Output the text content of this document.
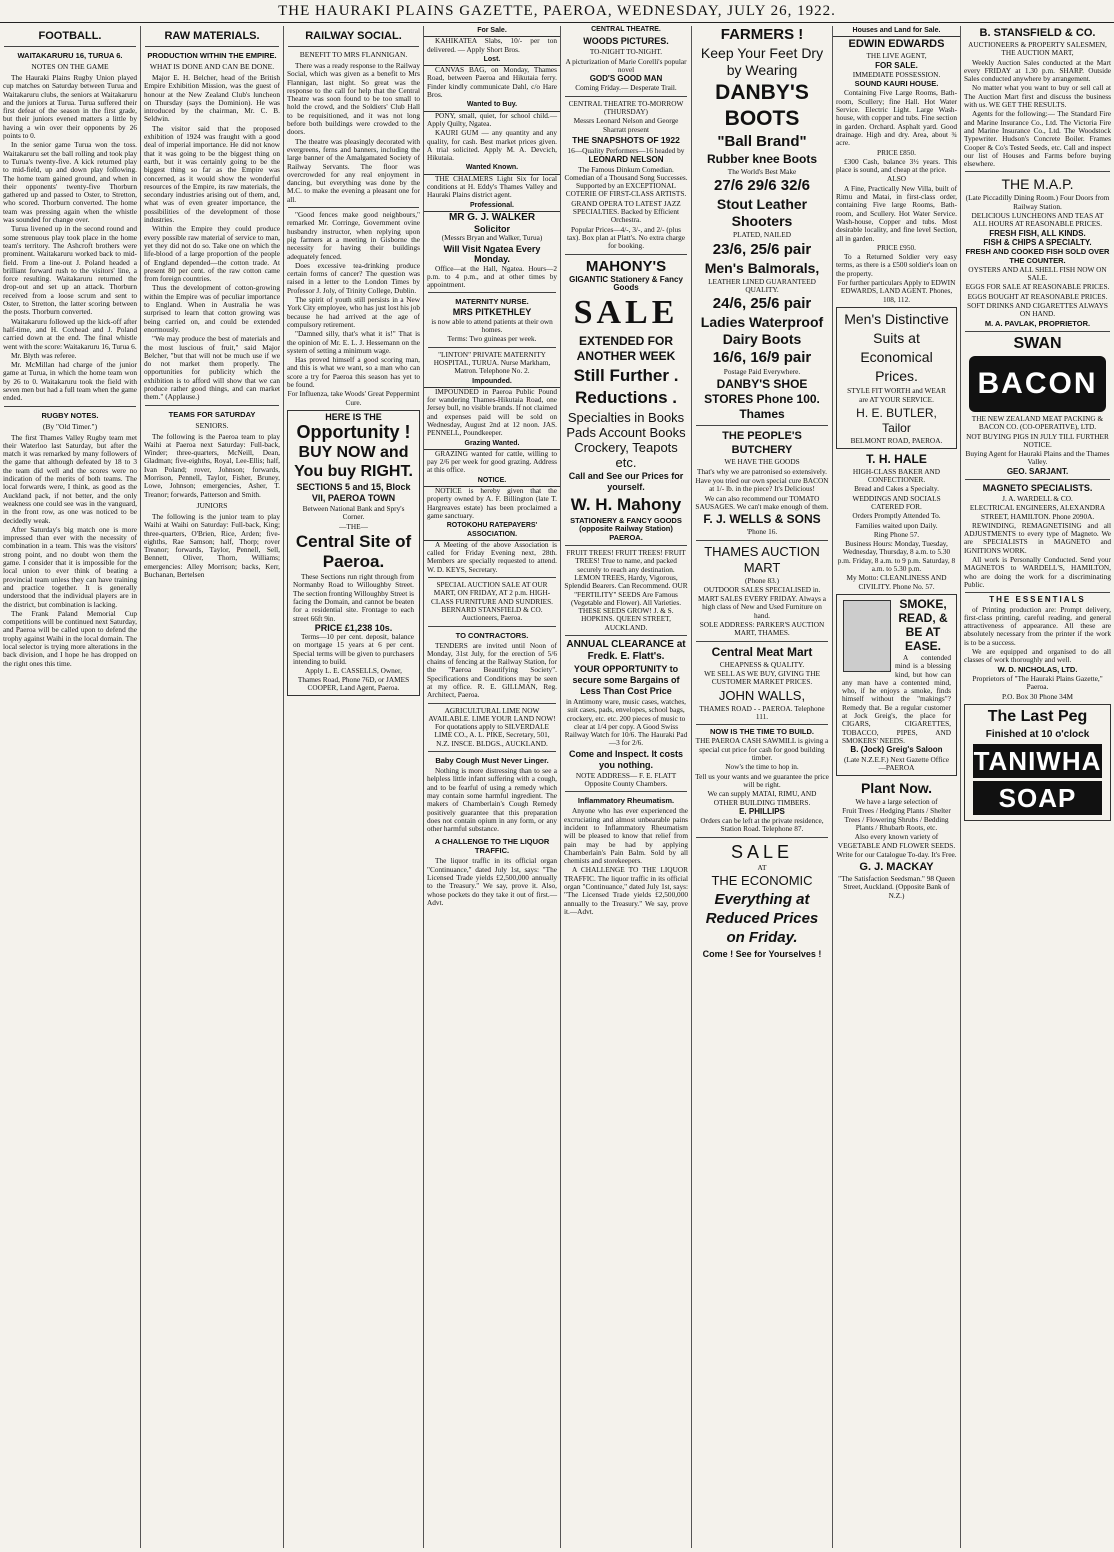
THE HAURAKI PLAINS GAZETTE, PAEROA, WEDNESDAY, JULY 26, 1922.
FOOTBALL.
WAITAKARURU 16, TURUA 6.
NOTES ON THE GAME

The Hauraki Plains Rugby Union played cup matches on Saturday between Turua and Waitakaruru clubs, the seniors at Waitakaruru and the juniors at Turua. Turua suffered their first defeat of the season in the first grade, but their juniors evened matters a little by having a win over their opponents by 26 points to 0.

In the senior game Turua won the toss. Waitakaruru set the ball rolling and took play to Turua's twenty-five. A kick returned play to mid-field, up and down play following. The home team gained ground, and when in their opponents' twenty-five Thorburn gathered up and passed to Oster, to Stretton, who scored. Thorburn converted. The home team was pressing again when the whistle was sounded for change over.

Turua livened up in the second round and some strenuous play took place in the home team's territory. The Ashcroft brothers were prominent. Waitakaruru worked back to mid-field. From a line-out J. Poland headed a brilliant forward rush to the visitors' line, a force resulting. Waitakaruru returned the drop-out and set up an attack. Thorburn received from a loose scrum and sent to Oster, to Stretton, the latter scoring between the posts. Thorburn converted.

Waitakaruru followed up the kick-off after half-time, and H. Coxhead and J. Poland carried down at the end. The final whistle went with the score: Waitakaruru 16, Turua 6.

Mr. Blyth was referee.

Mr. McMillan had charge of the junior game at Turua, in which the home team won by 26 to 0. Waitakaruru took the field with seven men but had a full team when the game ended.

RUGBY NOTES.
(By "Old Timer.")

The first Thames Valley Rugby team met their Waterloo last Saturday, but after the match it was remarked by many followers of the game that although defeated by 18 to 3 the team did well and the scores were no indication of the merits of both teams. The local forwards were, I think, as good as the Auckland pack, if not better, and the only weakness one could see was in the vanguard, in the front row, as one was noticed to be decidedly weak.

After Saturday's big match one is more impressed than ever with the necessity of combination in a team. This was the visitors' strong point, and no doubt won them the game. I consider that it is impossible for the local union to ever think of beating a provincial team unless they can have training and practice together. It is generally understood that the individual players are in the district, but combination is lacking.

The Frank Paland Memorial Cup competitions will be continued next Saturday, and Paeroa will be called upon to defend the trophy against Waihi in the local domain. The local selector is trying more alterations in the back division, and I hope he has dropped on the right ones this time.

RAW MATERIALS.
PRODUCTION WITHIN THE EMPIRE.
WHAT IS DONE AND CAN BE DONE.

Major E. H. Belcher, head of the British Empire Exhibition Mission, was the guest of honour at the New Zealand Club's luncheon on Thursday (says the Dominion). He was introduced by the chairman, Mr. C. B. Seldwin.

The visitor said that the proposed exhibition of 1924 was fraught with a good deal of imperial importance. He did not know that it was going to be the biggest thing on earth, but it was certainly going to be the biggest thing so far as the Empire was concerned, as it would show the wonderful resources of the Empire, its raw materials, the secondary industries arising out of them, and, what was of even greater importance, the possibilities of the development of those industries.

Within the Empire they could produce every possible raw material of service to man, yet they did not do so. Take one on which the life-blood of a large proportion of the people of England depended—the cotton trade. At present 80 per cent. of the raw cotton came from foreign countries.

Thus the development of cotton-growing within the Empire was of peculiar importance to England. When in Australia he was surprised to learn that cotton growing was being carried on, and could be extended enormously.

"We may produce the best of materials and the most luscious of fruit," said Major Belcher, "but that will not be much use if we do not market them properly. The opportunities for publicity which the exhibition is to afford will show that we can produce rather good things, and can market them." (Applause.)

TEAMS FOR SATURDAY
SENIORS.

The following is the Paeroa team to play Waihi at Paeroa next Saturday: Full-back, Winder; three-quarters, McNeill, Dean, Gladman; five-eighths, Royal, Lee-Ellis; half, Ivan Poland; rover, Johnson; forwards, Morrison, Pennell, Taylor, Fisher, Bruney, Lowe, Johnson; emergencies, Asher, T. Treanor; forwards, Patterson and Smith.

JUNIORS

The following is the junior team to play Waihi at Waihi on Saturday: Full-back, King; three-quarters, O'Brien, Rice, Arden; five-eighths, Rae Samson; half, Thorp; rover Treanor; forwards, Taylor, Pennell, Sell, Bennett, Oliver, Thorn, Williams; emergencies: Alley Morrison; backs, Kerr, Buchanan, Bertelsen

RAILWAY SOCIAL.
BENEFIT TO MRS FLANNIGAN.

There was a ready response to the Railway Social, which was given as a benefit to Mrs Flannigan, last night. So great was the response to the call for help that the Central Theatre was soon found to be too small to hold the crowd, and the Soldiers' Club Hall to be requisitioned, and it was not long before both buildings were crowded to the doors.

The theatre was pleasingly decorated with evergreens, ferns and banners, including the large banner of the Amalgamated Society of Railway Servants. The floor was overcrowded for any real enjoyment in dancing, but everything was done by the M.C. to make the evening a pleasant one for all.

"Good fences make good neighbours," remarked Mr. Corringe, Government ovine husbandry instructor, when replying upon pig farmers at a meeting in Gisborne the necessity for having their buildings adequately fenced.

Does excessive tea-drinking produce certain forms of cancer? The question was raised in a letter to the London Times by Professor J. Joly, of Trinity College, Dublin.

The spirit of youth still persists in a New York City employee, who has just lost his job because he had arrived at the age of compulsory retirement.

"Damned silly, that's what it is!" That is the opinion of Mr. E. L. J. Hessemann on the system of setting a minimum wage.

Has proved himself a good scoring man, and this is what we want, so a man who can score a try for Paeroa this season has yet to be found.

For Influenza, take Woods' Great Peppermint Cure.

HERE IS THE

Opportunity !

BUY NOW and You buy RIGHT.

SECTIONS 5 and 15, Block VII, PAEROA TOWN

Between National Bank and Spry's Corner.

—THE—

Central Site of Paeroa.

These Sections run right through from Normanby Road to Willoughby Street. The section fronting Willoughby Street is facing the Domain, and cannot be beaten for a residential site. Frontage to each street 66ft 9in.

PRICE £1,238 10s.

Terms—10 per cent. deposit, balance on mortgage 15 years at 6 per cent. Special terms will be given to purchasers intending to build.

Apply L. E. CASSELLS, Owner, Thames Road, Phone 76D, or JAMES COOPER, Land Agent, Paeroa.

For Sale.

KAHIKATEA Slabs, 10/- per ton delivered. — Apply Short Bros.

Lost.

CANVAS BAG, on Monday, Thames Road, between Paeroa and Hikutaia ferry. Finder kindly communicate Dahl, c/o Hare Bros.

Wanted to Buy.

PONY, small, quiet, for school child.—Apply Quilty, Ngatea.

KAURI GUM — any quantity and any quality, for cash. Best market prices given. A trial solicited. Apply M. A. Devcich, Hikutaia.

Wanted Known.

THE CHALMERS Light Six for local conditions at H. Eddy's Thames Valley and Hauraki Plains district agent.

Professional.

MR G. J. WALKER

Solicitor

(Messrs Bryan and Walker, Turua)

Will Visit Ngatea Every Monday.

Office—at the Hall, Ngatea. Hours—2 p.m. to 4 p.m., and at other times by appointment.

MATERNITY NURSE.

MRS PITKETHLEY

is now able to attend patients at their own homes.

Terms: Two guineas per week.

"LINTON" PRIVATE MATERNITY HOSPITAL, TURUA. Nurse Markham, Matron. Telephone No. 2.

Impounded.

IMPOUNDED in Paeroa Public Pound for wandering Thames-Hikutaia Road, one Jersey bull, no visible brands. If not claimed and expenses paid will be sold on Wednesday, August 2nd at 12 noon. JAS. PENNELL, Poundkeeper.

Grazing Wanted.

GRAZING wanted for cattle, willing to pay 2/6 per week for good grazing. Address at this office.

NOTICE.

NOTICE is hereby given that the property owned by A. F. Billington (late T. Hargreaves estate) has been proclaimed a game sanctuary.

ROTOKOHU RATEPAYERS' ASSOCIATION.

A Meeting of the above Association is called for Friday Evening next, 28th. Members are specially requested to attend. W. D. KEYS, Secretary.

SPECIAL AUCTION SALE AT OUR MART, ON FRIDAY, AT 2 p.m. HIGH-CLASS FURNITURE AND SUNDRIES. BERNARD STANSFIELD & CO. Auctioneers, Paeroa.

TO CONTRACTORS.

TENDERS are invited until Noon of Monday, 31st July, for the erection of 5/6 chains of fencing at the Railway Station, for the "Paeroa Beautifying Society". Specifications and Conditions may be seen at my office. R. E. GILLMAN, Reg. Architect, Paeroa.

AGRICULTURAL LIME NOW AVAILABLE. LIME YOUR LAND NOW! For quotations apply to SILVERDALE LIME CO., A. L. PIKE, Secretary, 501, N.Z. INSCE. BLDGS., AUCKLAND.

Baby Cough Must Never Linger.

Nothing is more distressing than to see a helpless little infant suffering with a cough, and to be fearful of using a remedy which may contain some harmful ingredient. The makers of Chamberlain's Cough Remedy positively guarantee that this preparation does not contain opium in any form, or any other harmful substance.

A CHALLENGE TO THE LIQUOR TRAFFIC.

The liquor traffic in its official organ "Continuance," dated July 1st, says: "The Licensed Trade yields £2,500,000 annually to the Treasury." We say, prove it. Also, whose pockets do they take it out of first.—Advt.

CENTRAL THEATRE.

WOODS PICTURES.

TO-NIGHT TO-NIGHT.

A picturization of Marie Corelli's popular novel

GOD'S GOOD MAN

Coming Friday.— Desperate Trail.

CENTRAL THEATRE TO-MORROW (THURSDAY)

Messrs Leonard Nelson and George Sharratt present

THE SNAPSHOTS OF 1922

16—Quality Performers—16 headed by

LEONARD NELSON

The Famous Dinkum Comedian. Comedian of a Thousand Song Successes. Supported by an EXCEPTIONAL COTERIE OF FIRST-CLASS ARTISTS.

GRAND OPERA TO LATEST JAZZ SPECIALTIES. Backed by Efficient Orchestra.

Popular Prices—4/-, 3/-, and 2/- (plus tax). Box plan at Platt's. No extra charge for booking.

MAHONY'S

GIGANTIC Stationery & Fancy Goods

SALE

EXTENDED FOR ANOTHER WEEK

Still Further . Reductions .

Specialties in Books Pads Account Books Crockery, Teapots etc.

Call and See our Prices for yourself.

W. H. Mahony

STATIONERY & FANCY GOODS (opposite Railway Station) PAEROA.

FRUIT TREES! FRUIT TREES! FRUIT TREES! True to name, and packed securely to reach any destination. LEMON TREES, Hardy, Vigorous, Splendid Bearers. Can Recommend. OUR "FERTILITY" SEEDS Are Famous (Vegetable and Flower). All Varieties. THESE SEEDS GROW! J. & S. HOPKINS. QUEEN STREET, AUCKLAND.

ANNUAL CLEARANCE at Fredk. E. Flatt's.

YOUR OPPORTUNITY to secure some Bargains of Less Than Cost Price

in Antimony ware, music cases, watches, suit cases, pads, envelopes, school bags, crockery, etc. etc. 200 pieces of music to clear at 1/4 per copy. A Good Swiss Railway Watch for 10/6. The Hauraki Pad—3 for 2/6.

Come and Inspect. It costs you nothing.

NOTE ADDRESS— F. E. FLATT Opposite County Chambers.

Inflammatory Rheumatism.

Anyone who has ever experienced the excruciating and almost unbearable pains incident to Inflammatory Rheumatism will be pleased to know that relief from pain may be had by applying Chamberlain's Pain Balm. Sold by all chemists and storekeepers.

A CHALLENGE TO THE LIQUOR TRAFFIC. The liquor traffic in its official organ "Continuance," dated July 1st, says: "The Licensed Trade yields £2,500,000 annually to the Treasury." We say, prove it.—Advt.

FARMERS !

Keep Your Feet Dry by Wearing

DANBY'S BOOTS

"Ball Brand"

Rubber knee Boots

The World's Best Make

27/6 29/6 32/6

Stout Leather Shooters

PLATED, NAILED

23/6, 25/6 pair

Men's Balmorals,

LEATHER LINED GUARANTEED QUALITY.

24/6, 25/6 pair

Ladies Waterproof Dairy Boots

16/6, 16/9 pair

Postage Paid Everywhere.

DANBY'S SHOE STORES Phone 100. Thames

THE PEOPLE'S BUTCHERY

WE HAVE THE GOODS

That's why we are patronised so extensively.

Have you tried our own special cure BACON at 1/- lb. in the piece? It's Delicious!

We can also recommend our TOMATO SAUSAGES. We can't make enough of them.

F. J. WELLS & SONS

'Phone 16.

THAMES AUCTION MART

(Phone 83.)

OUTDOOR SALES SPECIALISED in.

MART SALES EVERY FRIDAY. Always a high class of New and Used Furniture on hand.

SOLE ADDRESS: PARKER'S AUCTION MART, THAMES.

Central Meat Mart

CHEAPNESS & QUALITY.

WE SELL AS WE BUY, GIVING THE CUSTOMER MARKET PRICES.

JOHN WALLS,

THAMES ROAD - - PAEROA. Telephone 111.

NOW IS THE TIME TO BUILD.

THE PAEROA CASH SAWMILL is giving a special cut price for cash for good building timber.

Now's the time to hop in.

Tell us your wants and we guarantee the price will be right.

We can supply MATAI, RIMU, AND OTHER BUILDING TIMBERS.

E. PHILLIPS

Orders can be left at the private residence, Station Road. Telephone 87.

SALE

AT

THE ECONOMIC

Everything at Reduced Prices on Friday.

Come ! See for Yourselves !

Houses and Land for Sale.

EDWIN EDWARDS

THE LIVE AGENT,

FOR SALE.

IMMEDIATE POSSESSION.

SOUND KAURI HOUSE.

Containing Five Large Rooms, Bath-room, Scullery; fine Hall. Hot Water Service. Electric Light. Large Wash-house, with copper and tubs. Fine section in garden. Orchard. Asphalt yard. Good drainage. High and dry. Area, about ¾ acre.

PRICE £850.

£300 Cash, balance 3½ years. This place is sound, and cheap at the price.

ALSO

A Fine, Practically New Villa, built of Rimu and Matai, in first-class order, containing Five large Rooms, Bath-room, and Scullery. Hot Water Service. Wash-house, Copper and tubs. Most desirable locality, and fine level Section, all in garden.

PRICE £950.

To a Returned Soldier very easy terms, as there is a £500 soldier's loan on the property.

For further particulars Apply to EDWIN EDWARDS, LAND AGENT. Phones, 108, 112.

Men's Distinctive Suits at Economical Prices.

STYLE FIT WORTH and WEAR

are AT YOUR SERVICE.

H. E. BUTLER, Tailor

BELMONT ROAD, PAEROA.

T. H. HALE

HIGH-CLASS BAKER AND CONFECTIONER.

Bread and Cakes a Specialty.

WEDDINGS AND SOCIALS CATERED FOR.

Orders Promptly Attended To.

Families waited upon Daily.

Ring Phone 57.

Business Hours: Monday, Tuesday, Wednesday, Thursday, 8 a.m. to 5.30 p.m. Friday, 8 a.m. to 9 p.m. Saturday, 8 a.m. to 5.30 p.m.

My Motto: CLEANLINESS AND CIVILITY. Phone No. 57.

SMOKE, READ, & BE AT EASE.

A contended mind is a blessing kind, but how can any man have a contented mind, who, if he enjoys a smoke, finds himself without the "makings"? Remedy that. Be a regular customer at Jock Greig's, the place for CIGARS, CIGARETTES, TOBACCO, PIPES, AND SMOKERS' NEEDS.

B. (Jock) Greig's Saloon

(Late N.Z.E.F.) Next Gazette Office—PAEROA

Plant Now.

We have a large selection of

Fruit Trees / Hedging Plants / Shelter Trees / Flowering Shrubs / Bedding Plants / Rhubarb Roots, etc.

Also every known variety of VEGETABLE AND FLOWER SEEDS.

Write for our Catalogue To-day. It's Free.

G. J. MACKAY

"The Satisfaction Seedsman." 98 Queen Street, Auckland. (Opposite Bank of N.Z.)

B. STANSFIELD & CO.

AUCTIONEERS & PROPERTY SALESMEN, THE AUCTION MART,

Weekly Auction Sales conducted at the Mart every FRIDAY at 1.30 p.m. SHARP. Outside Sales conducted anywhere by arrangement.

No matter what you want to buy or sell call at The Auction Mart first and discuss the business with us. WE GET THE RESULTS.

Agents for the following:— The Standard Fire and Marine Insurance Co., Ltd. The Victoria Fire and Marine Insurance Co., Ltd. The Woodstock Typewriter. Hudson's Concrete Boiler. Frames Cooper & Co's Tested Seeds, etc. Call and inspect our list of Houses and Farms before buying elsewhere.

THE M.A.P.

(Late Piccadilly Dining Room.) Four Doors from Railway Station.

DELICIOUS LUNCHEONS AND TEAS AT ALL HOURS AT REASONABLE PRICES.

FRESH FISH, ALL KINDS.

FISH & CHIPS A SPECIALTY.

FRESH AND COOKED FISH SOLD OVER THE COUNTER.

OYSTERS AND ALL SHELL FISH NOW ON SALE.

EGGS FOR SALE AT REASONABLE PRICES.

EGGS BOUGHT AT REASONABLE PRICES.

SOFT DRINKS AND CIGARETTES ALWAYS ON HAND.

M. A. PAVLAK, PROPRIETOR.

SWAN

BACON

THE NEW ZEALAND MEAT PACKING & BACON CO. (CO-OPERATIVE), LTD.

NOT BUYING PIGS IN JULY TILL FURTHER NOTICE.

Buying Agent for Hauraki Plains and the Thames Valley.

GEO. SARJANT.

MAGNETO SPECIALISTS.

J. A. WARDELL & CO.

ELECTRICAL ENGINEERS, ALEXANDRA STREET, HAMILTON. Phone 2090A.

REWINDING, REMAGNETISING and all ADJUSTMENTS to every type of Magneto. We are SPECIALISTS in MAGNETO and IGNITIONS WORK.

All work is Personally Conducted. Send your MAGNETOS to WARDELL'S, HAMILTON, who are doing the work for a discriminating Public.

THE ESSENTIALS

of Printing production are: Prompt delivery, first-class printing, careful reading, and general attractiveness of appearance. All these are absolutely necessary from the printer if the work is to be a success.

We are equipped and organised to do all classes of work thoroughly and well.

W. D. NICHOLAS, LTD.

Proprietors of "The Hauraki Plains Gazette," Paeroa.

P.O. Box 30 Phone 34M

The Last Peg

Finished at 10 o'clock

TANIWHA
SOAP
